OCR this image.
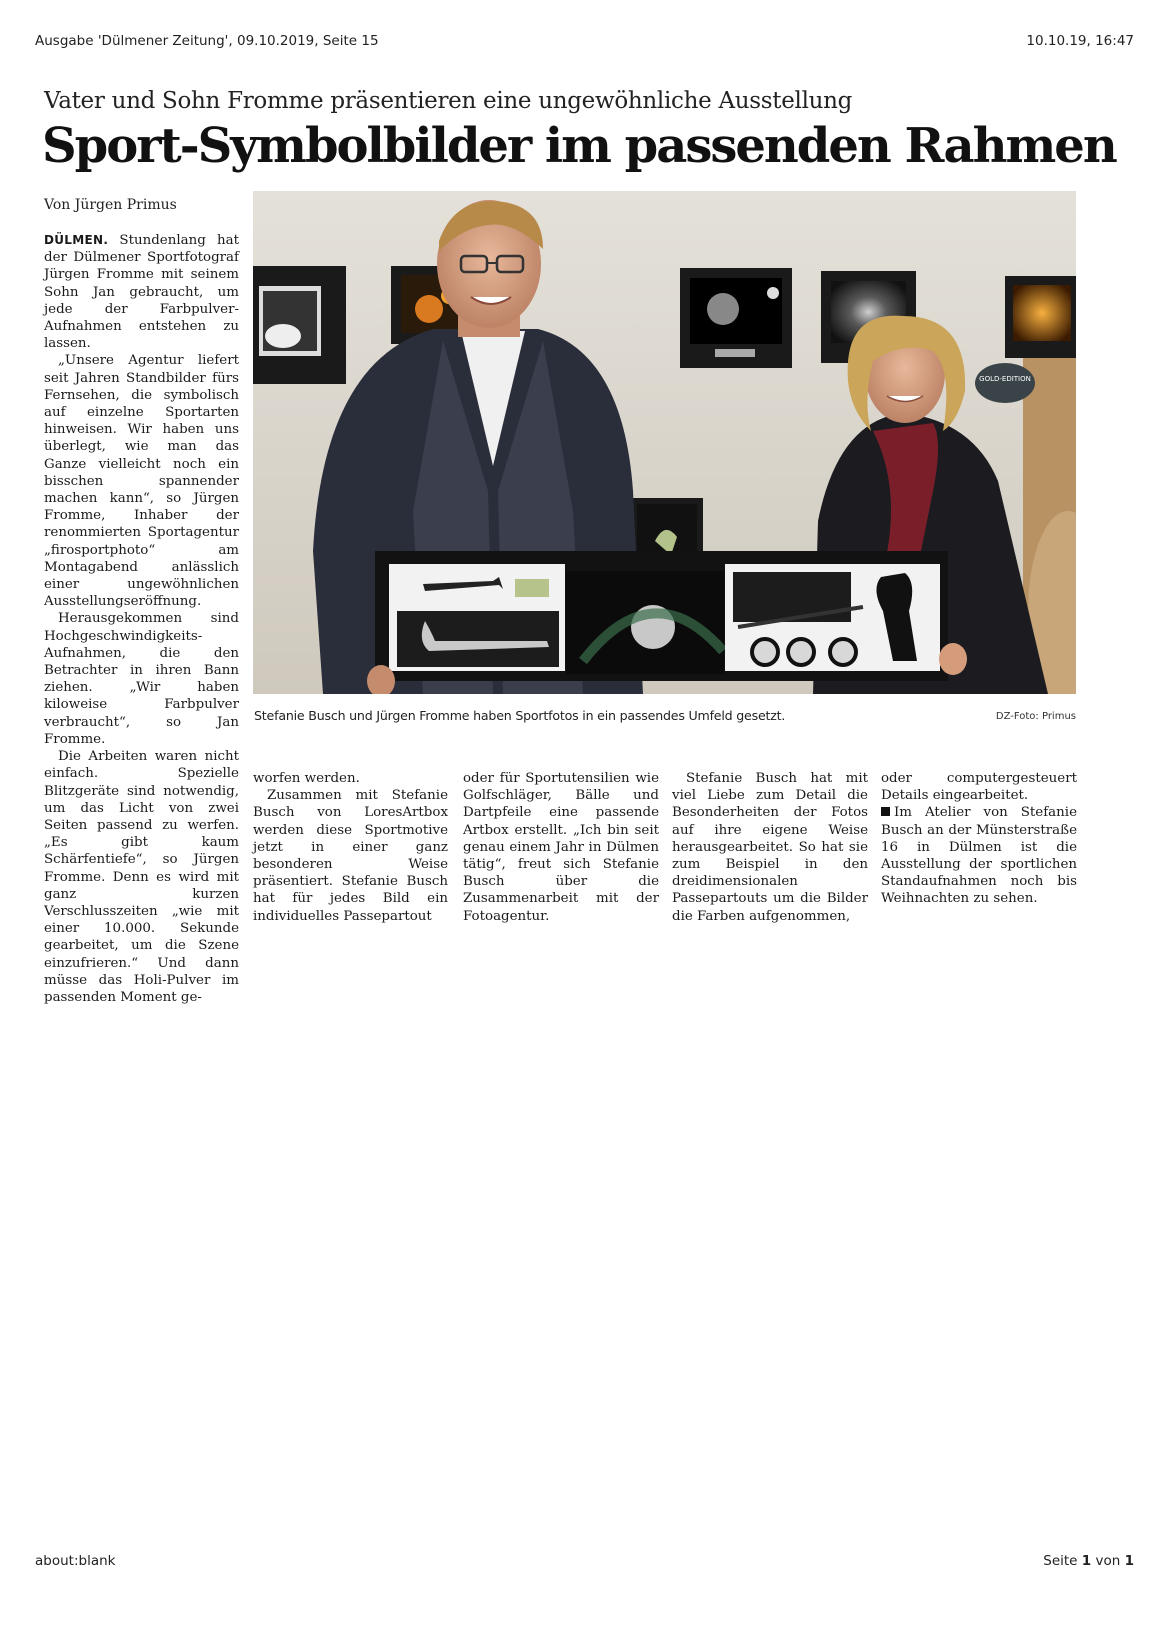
Ausgabe 'Dülmener Zeitung', 09.10.2019, Seite 15	10.10.19, 16:47
Vater und Sohn Fromme präsentieren eine ungewöhnliche Ausstellung
Sport-Symbolbilder im passenden Rahmen
Von Jürgen Primus

DÜLMEN. Stundenlang hat der Dülmener Sportfotograf Jürgen Fromme mit seinem Sohn Jan gebraucht, um jede der Farbpulver-Aufnahmen entstehen zu lassen.

„Unsere Agentur liefert seit Jahren Standbilder fürs Fernsehen, die symbolisch auf einzelne Sportarten hinweisen. Wir haben uns überlegt, wie man das Ganze vielleicht noch ein bisschen spannender machen kann“, so Jürgen Fromme, Inhaber der renommierten Sportagentur „firosportphoto“ am Montagabend anlässlich einer ungewöhnlichen Ausstellungseröffnung.

Herausgekommen sind Hochgeschwindigkeits-Aufnahmen, die den Betrachter in ihren Bann ziehen. „Wir haben kiloweise Farbpulver verbraucht“, so Jan Fromme.

Die Arbeiten waren nicht einfach. Spezielle Blitzgeräte sind notwendig, um das Licht von zwei Seiten passend zu werfen. „Es gibt kaum Schärfentiefe“, so Jürgen Fromme. Denn es wird mit ganz kurzen Verschlusszeiten „wie mit einer 10.000. Sekunde gearbeitet, um die Szene einzufrieren.“ Und dann müsse das Holi-Pulver im passenden Moment ge-

GOLD-EDITION
Stefanie Busch und Jürgen Fromme haben Sportfotos in ein passendes Umfeld gesetzt.	DZ-Foto: Primus

worfen werden.

Zusammen mit Stefanie Busch von LoresArtbox werden diese Sportmotive jetzt in einer ganz besonderen Weise präsentiert. Stefanie Busch hat für jedes Bild ein individuelles Passepartout

oder für Sportutensilien wie Golfschläger, Bälle und Dartpfeile eine passende Artbox erstellt. „Ich bin seit genau einem Jahr in Dülmen tätig“, freut sich Stefanie Busch über die Zusammenarbeit mit der Fotoagentur.

Stefanie Busch hat mit viel Liebe zum Detail die Besonderheiten der Fotos auf ihre eigene Weise herausgearbeitet. So hat sie zum Beispiel in den dreidimensionalen Passepartouts um die Bilder die Farben aufgenommen,

oder computergesteuert Details eingearbeitet.

Im Atelier von Stefanie Busch an der Münsterstraße 16 in Dülmen ist die Ausstellung der sportlichen Standaufnahmen noch bis Weihnachten zu sehen.

about:blank	Seite 1 von 1
